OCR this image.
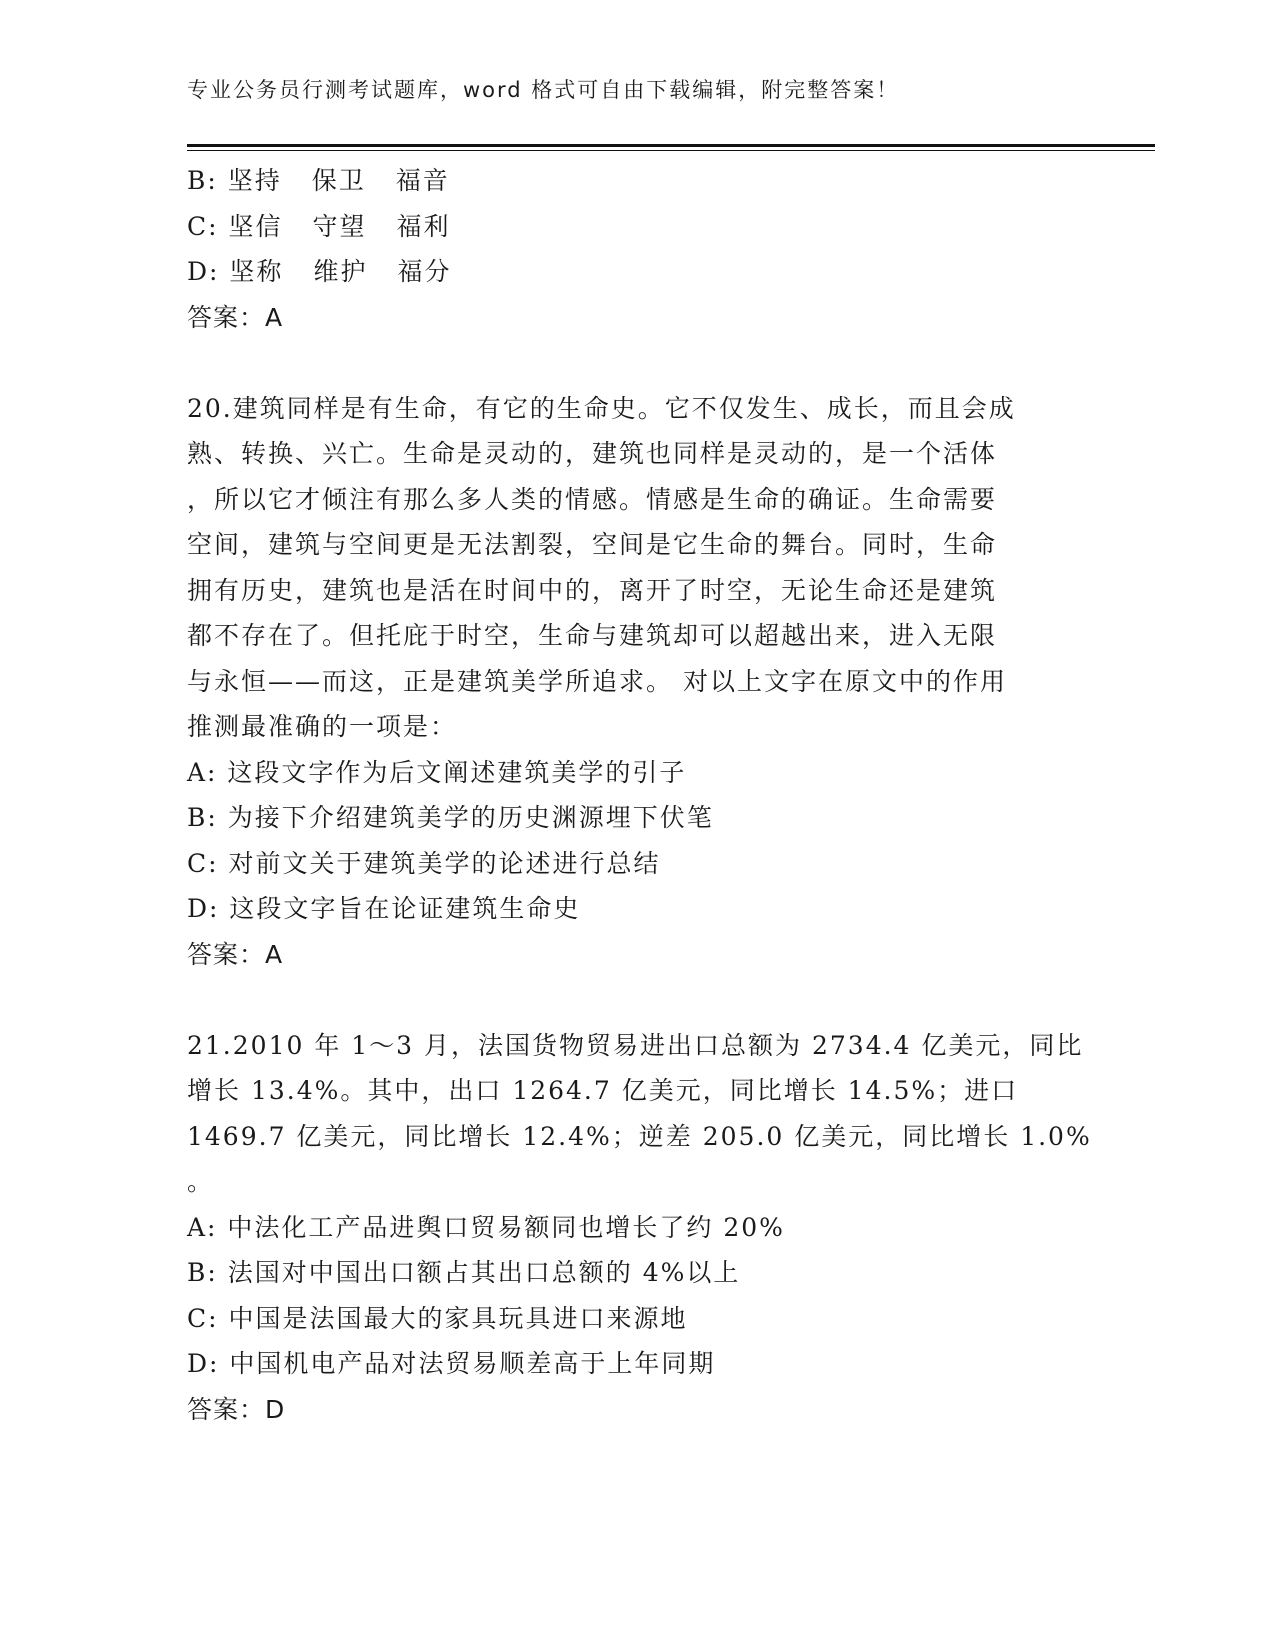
专业公务员行测考试题库，word 格式可自由下载编辑，附完整答案！
B: 坚持 保卫 福音
C: 坚信 守望 福利
D: 坚称 维护 福分
答案：A
20.建筑同样是有生命，有它的生命史。它不仅发生、成长，而且会成
熟、转换、兴亡。生命是灵动的，建筑也同样是灵动的，是一个活体
，所以它才倾注有那么多人类的情感。情感是生命的确证。生命需要
空间，建筑与空间更是无法割裂，空间是它生命的舞台。同时，生命
拥有历史，建筑也是活在时间中的，离开了时空，无论生命还是建筑
都不存在了。但托庇于时空，生命与建筑却可以超越出来，进入无限
与永恒——而这，正是建筑美学所追求。 对以上文字在原文中的作用
推测最准确的一项是：
A: 这段文字作为后文阐述建筑美学的引子
B: 为接下介绍建筑美学的历史渊源埋下伏笔
C: 对前文关于建筑美学的论述进行总结
D: 这段文字旨在论证建筑生命史
答案：A
21.2010 年 1～3 月，法国货物贸易进出口总额为 2734.4 亿美元，同比
增长 13.4%。其中，出口 1264.7 亿美元，同比增长 14.5%；进口
1469.7 亿美元，同比增长 12.4%；逆差 205.0 亿美元，同比增长 1.0%
。
A: 中法化工产品进舆口贸易额同也增长了约 20%
B: 法国对中国出口额占其出口总额的 4%以上
C: 中国是法国最大的家具玩具进口来源地
D: 中国机电产品对法贸易顺差高于上年同期
答案：D
